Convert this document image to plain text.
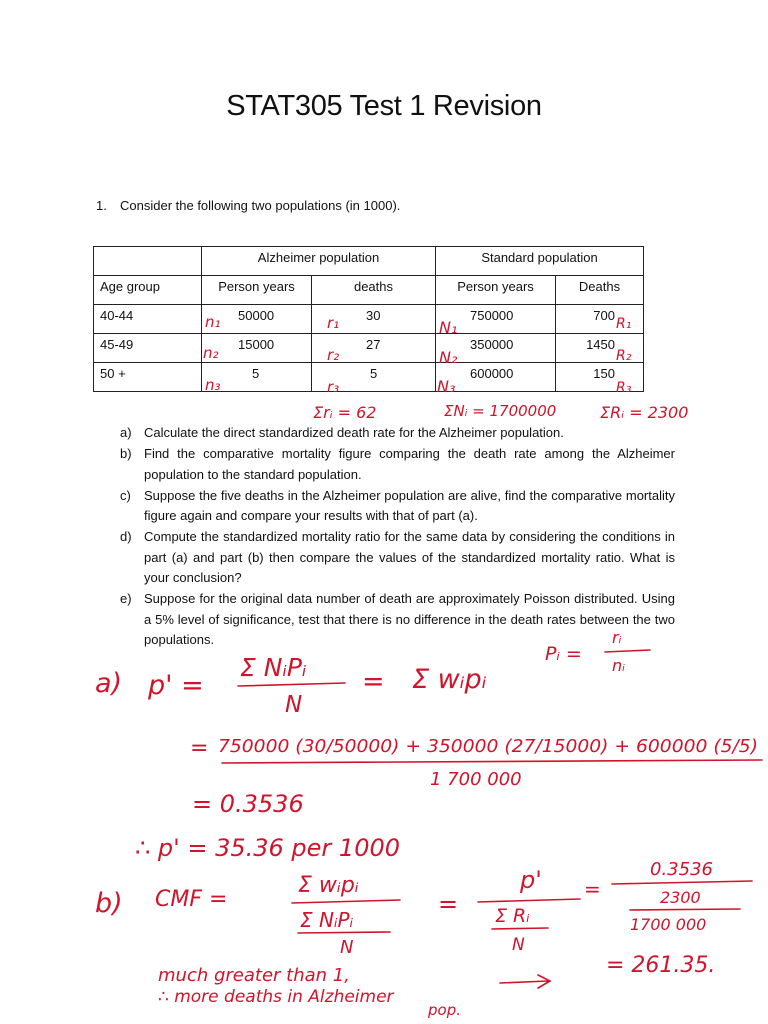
STAT305 Test 1 Revision
1. Consider the following two populations (in 1000).
	Alzheimer population		Standard population	
Age group	Person years	deaths	Person years	Deaths
40-44	50000	30	750000	700
45-49	15000	27	350000	1450
50 +	5	5	600000	150
a) Calculate the direct standardized death rate for the Alzheimer population.
b) Find the comparative mortality figure comparing the death rate among the Alzheimer population to the standard population.
c)	Suppose the five deaths in the Alzheimer population are alive, find the comparative mortality figure again and compare your results with that of part (a).
d) Compute the standardized mortality ratio for the same data by considering the conditions in part (a) and part (b) then compare the values of the standardized mortality ratio. What is your conclusion?
e) Suppose for the original data number of death are approximately Poisson distributed. Using a 5% level of significance, test that there is no difference in the death rates between the two populations.
n₁
n₂
n₃
r₁
r₂
r₃
N₁
N₂
N₃
R₁
R₂
R₃
Σrᵢ = 62	ΣNᵢ = 1700000	ΣRᵢ = 2300
Pᵢ =
rᵢ
nᵢ
a) p' =
Σ NᵢPᵢ
N
= Σ wᵢpᵢ
= 750000 (30/50000) + 350000 (27/15000) + 600000 (5/5)
1 700 000
= 0.3536
∴ p' = 35.36 per 1000
b) CMF =
Σ wᵢpᵢ
Σ NᵢPᵢ
N
=
p'
Σ Rᵢ
N
=
0.3536
2300
1700 000
= 261.35.
much greater than 1,
∴ more deaths in Alzheimer
pop.
